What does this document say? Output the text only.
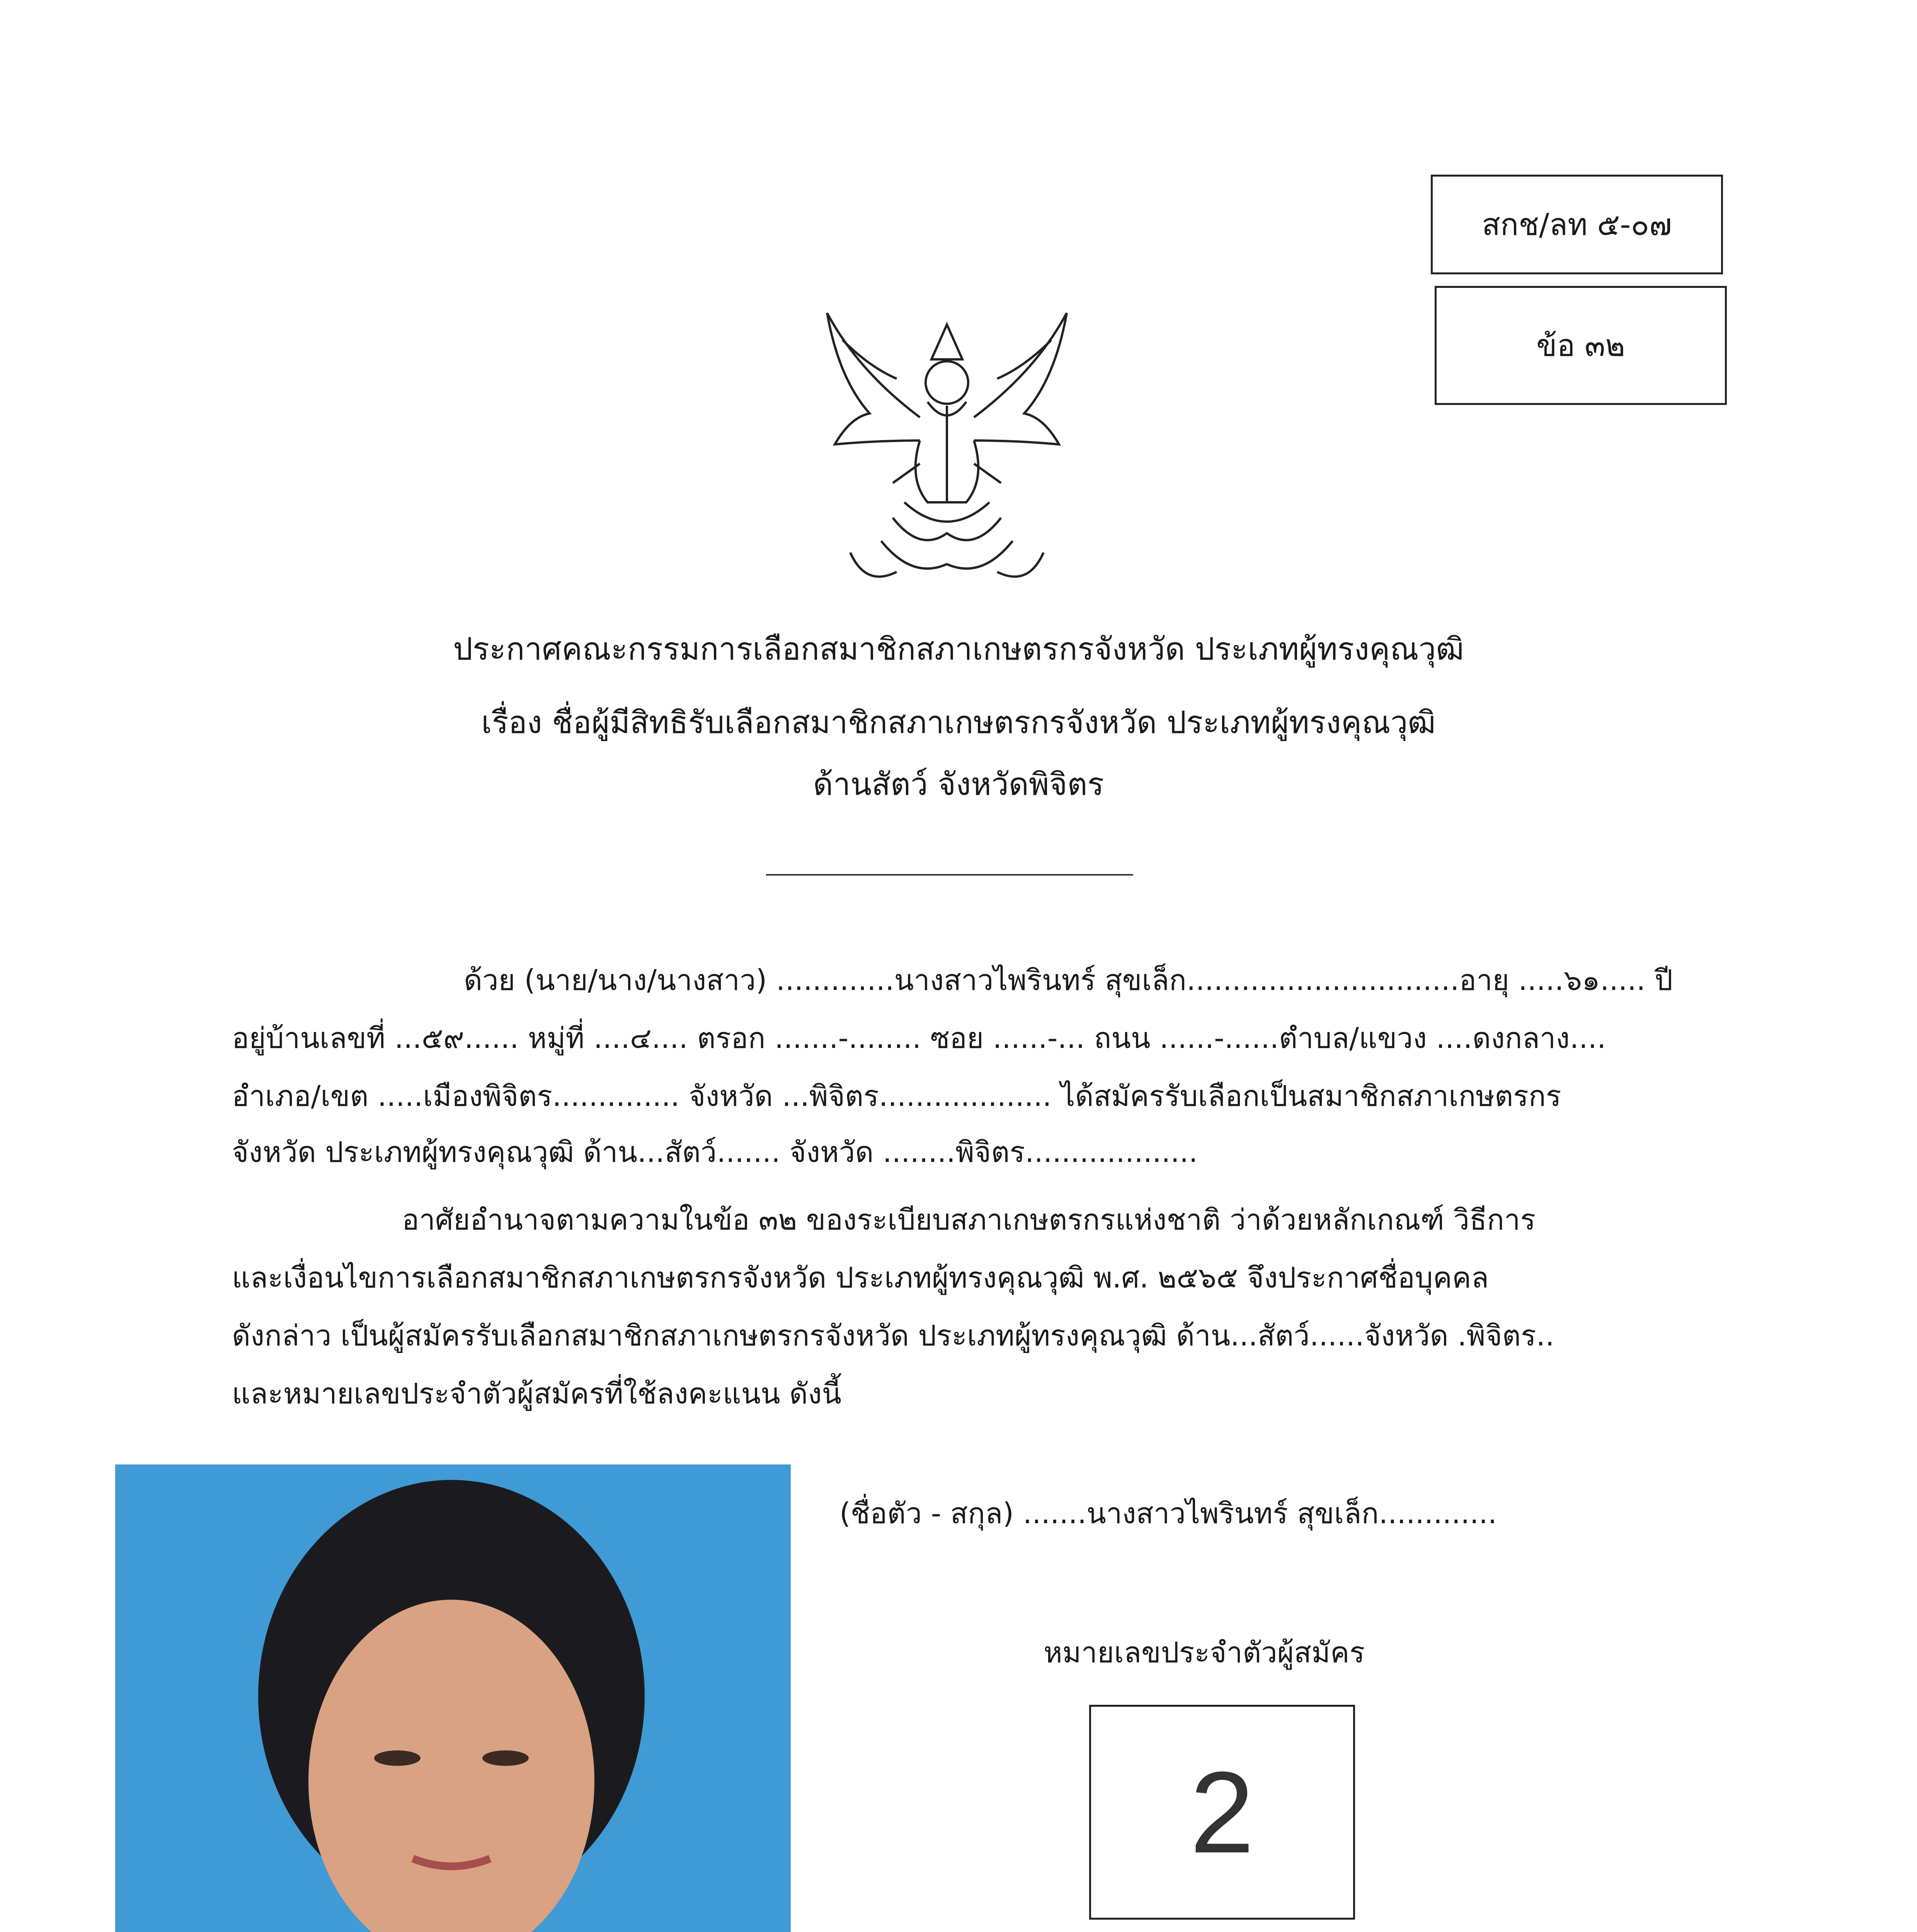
สกช/ลท ๕-๐๗
ข้อ ๓๒
ประกาศคณะกรรมการเลือกสมาชิกสภาเกษตรกรจังหวัด ประเภทผู้ทรงคุณวุฒิ
เรื่อง ชื่อผู้มีสิทธิรับเลือกสมาชิกสภาเกษตรกรจังหวัด ประเภทผู้ทรงคุณวุฒิ
ด้านสัตว์ จังหวัดพิจิตร
ด้วย (นาย/นาง/นางสาว) .............นางสาวไพรินทร์ สุขเล็ก..............................อายุ .....๖๑..... ปี
อยู่บ้านเลขที่ ...๕๙...... หมู่ที่ ....๔.... ตรอก .......-........ ซอย ......-... ถนน ......-......ตำบล/แขวง ....ดงกลาง....
อำเภอ/เขต .....เมืองพิจิตร.............. จังหวัด ...พิจิตร................... ได้สมัครรับเลือกเป็นสมาชิกสภาเกษตรกร
จังหวัด ประเภทผู้ทรงคุณวุฒิ ด้าน...สัตว์....... จังหวัด ........พิจิตร...................
อาศัยอำนาจตามความในข้อ ๓๒ ของระเบียบสภาเกษตรกรแห่งชาติ ว่าด้วยหลักเกณฑ์ วิธีการ
และเงื่อนไขการเลือกสมาชิกสภาเกษตรกรจังหวัด ประเภทผู้ทรงคุณวุฒิ พ.ศ. ๒๕๖๕ จึงประกาศชื่อบุคคล
ดังกล่าว เป็นผู้สมัครรับเลือกสมาชิกสภาเกษตรกรจังหวัด ประเภทผู้ทรงคุณวุฒิ ด้าน...สัตว์......จังหวัด .พิจิตร..
และหมายเลขประจำตัวผู้สมัครที่ใช้ลงคะแนน ดังนี้
(ชื่อตัว - สกุล) .......นางสาวไพรินทร์ สุขเล็ก.............
หมายเลขประจำตัวผู้สมัคร
2
